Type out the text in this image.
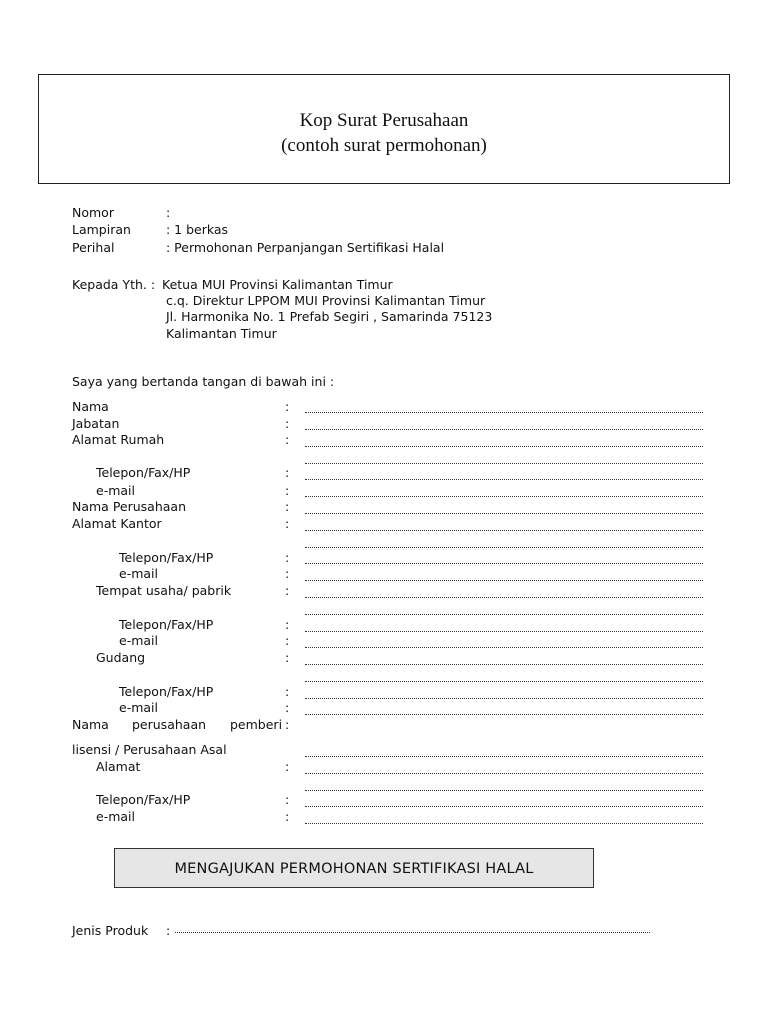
Kop Surat Perusahaan
(contoh surat permohonan)
Nomor	:
Lampiran	: 1 berkas
Perihal	: Permohonan Perpanjangan Sertifikasi Halal
Kepada Yth. : Ketua MUI Provinsi Kalimantan Timur
c.q. Direktur LPPOM MUI Provinsi Kalimantan Timur
Jl. Harmonika No. 1 Prefab Segiri , Samarinda 75123
Kalimantan Timur
Saya yang bertanda tangan di bawah ini :
Nama	:
Jabatan	:
Alamat Rumah	:
Telepon/Fax/HP	:
e-mail	:
Nama Perusahaan	:
Alamat Kantor	:
Telepon/Fax/HP	:
e-mail	:
Tempat usaha/ pabrik	:
Telepon/Fax/HP	:
e-mail	:
Gudang	:
Telepon/Fax/HP	:
e-mail	:
Nama perusahaan pemberi :
lisensi / Perusahaan Asal
Alamat	:
Telepon/Fax/HP	:
e-mail	:
MENGAJUKAN PERMOHONAN SERTIFIKASI HALAL
Jenis Produk :
